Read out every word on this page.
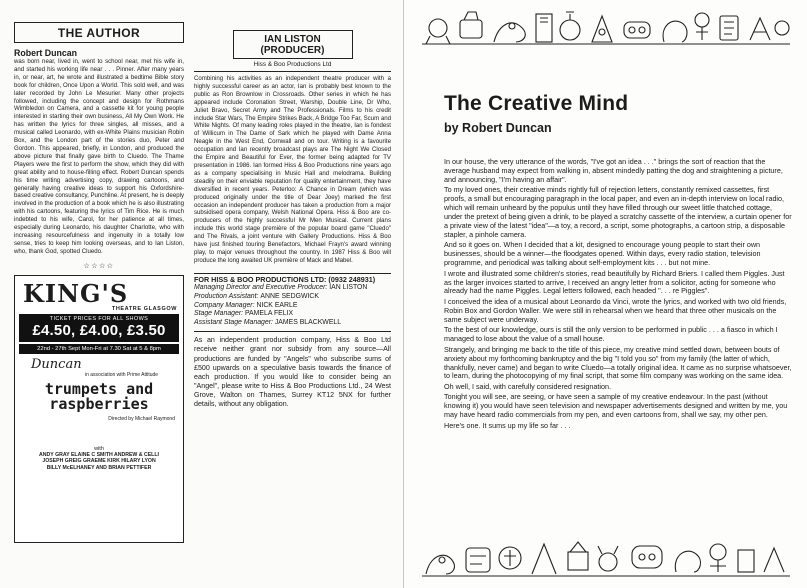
THE AUTHOR
Robert Duncan

was born near, lived in, went to school near, met his wife in, and started his working life near . . . Pinner. After many years in, or near, art, he wrote and illustrated a bedtime Bible story book for children, Once Upon a World. This sold well, and was later recorded by John Le Mesurier. Many other projects followed, including the concept and design for Rothmans Wimbledon on Camera, and a cassette kit for young people interested in starting their own business, All My Own Work. He has written the lyrics for three singles, all misses, and a musical called Leonardo, with ex-White Plains musician Robin Box, and the London part of the stories duo, Peter and Gordon. This appeared, briefly, in London, and produced the above picture that finally gave birth to Cluedo. The Thame Players were the first to perform the show, which they did with great ability and to house-filling effect. Robert Duncan spends his time writing advertising copy, drawing cartoons, and generally having creative ideas to support his Oxfordshire-based creative consultancy, Punchline. At present, he is deeply involved in the production of a book which he is also illustrating with his cartoons, featuring the lyrics of Tim Rice. He is much indebted to his wife, Carol, for her patience at all times, especially during Leonardo, his daughter Charlotte, who with increasing resourcefulness and ingenuity in a totally low sense, tries to keep him looking overseas, and to Ian Liston, who, thank God, spotted Cluedo.

☆☆☆☆
KING'S
THEATRE GLASGOW
TICKET PRICES FOR ALL SHOWS
£4.50, £4.00, £3.50
22nd - 27th Sept Mon-Fri at 7.30 Sat at 5 & 8pm
Duncan
in association with Prime Attitude
trumpets and raspberries
Directed by Michael Raymond
with
ANDY GRAY ELAINE C SMITH ANDREW & CELLI
JOSEPH GREIG GRAEME KIRK HILARY LYON
BILLY McELHANEY AND BRIAN PETTIFER
IAN LISTON
(PRODUCER)
Hiss & Boo Productions Ltd

Combining his activities as an independent theatre producer with a highly successful career as an actor, Ian is probably best known to the public as Ron Brownlow in Crossroads. Other series in which he has appeared include Coronation Street, Warship, Double Line, Dr Who, Juliet Bravo, Secret Army and The Professionals. Films to his credit include Star Wars, The Empire Strikes Back, A Bridge Too Far, Scum and White Nights. Of many leading roles played in the theatre, Ian is fondest of Willicum in The Dame of Sark which he played with Dame Anna Neagle in the West End, Cornwall and on tour. Writing is a favourite occupation and Ian recently broadcast plays are The Night We Closed the Empire and Beautiful for Ever, the former being adapted for TV presentation in 1986. Ian formed Hiss & Boo Productions nine years ago as a company specialising in Music Hall and melodrama. Building steadily on their enviable reputation for quality entertainment, they have diversified in recent years. Peterloo: A Chance in Dream (which was produced originally under the title of Dear Joey) marked the first occasion an independent producer has taken a production from a major subsidised opera company, Welsh National Opera. Hiss & Boo are co-producers of the highly successful Mr Men Musical. Current plans include this world stage première of the popular board game "Cluedo" and The Rivals, a joint venture with Gallery Productions. Hiss & Boo have just finished touring Benefactors, Michael Frayn's award winning play, to major venues throughout the country. In 1987 Hiss & Boo will produce the long awaited UK première of Mack and Mabel.

FOR HISS & BOO PRODUCTIONS LTD: (0932 248931)
Managing Director and Executive Producer: IAN LISTON
Production Assistant: ANNE SEDGWICK
Company Manager: NICK EARLE
Stage Manager: PAMELA FELIX
Assistant Stage Manager: JAMES BLACKWELL

As an independent production company, Hiss & Boo Ltd receive neither grant nor subsidy from any source—All productions are funded by "Angels" who subscribe sums of £500 upwards on a speculative basis towards the finance of each production. If you would like to consider being an "Angel", please write to Hiss & Boo Productions Ltd., 24 West Grove, Walton on Thames, Surrey KT12 5NX for further details, without any obligation.

The Creative Mind
by Robert Duncan

In our house, the very utterance of the words, "I've got an idea . . ." brings the sort of reaction that the average husband may expect from walking in, absent mindedly patting the dog and straightening a picture, and announcing, "I'm having an affair".

To my loved ones, their creative minds rightly full of rejection letters, constantly remixed cassettes, first proofs, a small but encouraging paragraph in the local paper, and even an in-depth interview on local radio, which will remain unheard by the populus until they have filled through our sweet little thatched cottage, under the pretext of being given a drink, to be played a scratchy cassette of the interview, a curtain opener for a private view of the latest "idea"—a toy, a record, a script, some photographs, a cartoon strip, a disposable stapler, a pinhole camera.

And so it goes on. When I decided that a kit, designed to encourage young people to start their own businesses, should be a winner—the floodgates opened. Within days, every radio station, television programme, and periodical was talking about self-employment kits . . . but not mine.

I wrote and illustrated some children's stories, read beautifully by Richard Briers. I called them Piggles. Just as the larger invoices started to arrive, I received an angry letter from a solicitor, acting for someone who already had the name Piggles. Legal letters followed, each headed ". . . re Piggles".

I conceived the idea of a musical about Leonardo da Vinci, wrote the lyrics, and worked with two old friends, Robin Box and Gordon Waller. We were still in rehearsal when we heard that three other musicals on the same subject were underway.

To the best of our knowledge, ours is still the only version to be performed in public . . . a fiasco in which I managed to lose about the value of a small house.

Strangely, and bringing me back to the title of this piece, my creative mind settled down, between bouts of anxiety about my forthcoming bankruptcy and the big "I told you so" from my family (the latter of which, thankfully, never came) and began to write Cluedo—a totally original idea. It came as no surprise whatsoever, to learn, during the photocopying of my final script, that some film company was working on the same idea.

Oh well, I said, with carefully considered resignation.

Tonight you will see, are seeing, or have seen a sample of my creative endeavour. In the past (without knowing it) you would have seen television and newspaper advertisements designed and written by me, you may have heard radio commercials from my pen, and even cartoons from, shall we say, my other pen.

Here's one. It sums up my life so far . . .
